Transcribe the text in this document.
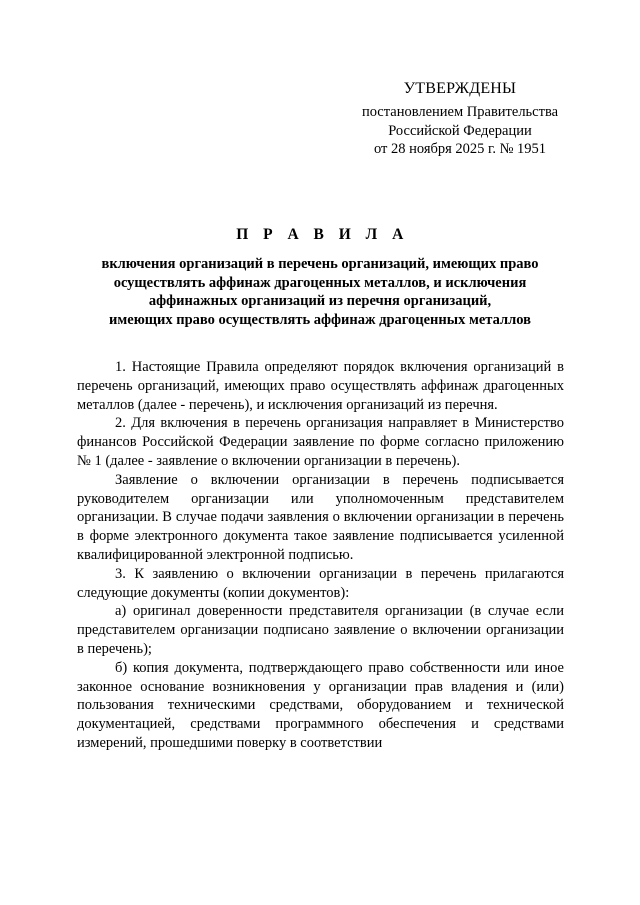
УТВЕРЖДЕНЫ
постановлением Правительства
Российской Федерации
от 28 ноября 2025 г. № 1951
П Р А В И Л А
включения организаций в перечень организаций, имеющих право
осуществлять аффинаж драгоценных металлов, и исключения
аффинажных организаций из перечня организаций,
имеющих право осуществлять аффинаж драгоценных металлов

1. Настоящие Правила определяют порядок включения организаций в перечень организаций, имеющих право осуществлять аффинаж драгоценных металлов (далее - перечень), и исключения организаций из перечня.

2. Для включения в перечень организация направляет в Министерство финансов Российской Федерации заявление по форме согласно приложению № 1 (далее - заявление о включении организации в перечень).

Заявление о включении организации в перечень подписывается руководителем организации или уполномоченным представителем организации. В случае подачи заявления о включении организации в перечень в форме электронного документа такое заявление подписывается усиленной квалифицированной электронной подписью.

3. К заявлению о включении организации в перечень прилагаются следующие документы (копии документов):

а) оригинал доверенности представителя организации (в случае если представителем организации подписано заявление о включении организации в перечень);

б) копия документа, подтверждающего право собственности или иное законное основание возникновения у организации прав владения и (или) пользования техническими средствами, оборудованием и технической документацией, средствами программного обеспечения и средствами измерений, прошедшими поверку в соответствии
